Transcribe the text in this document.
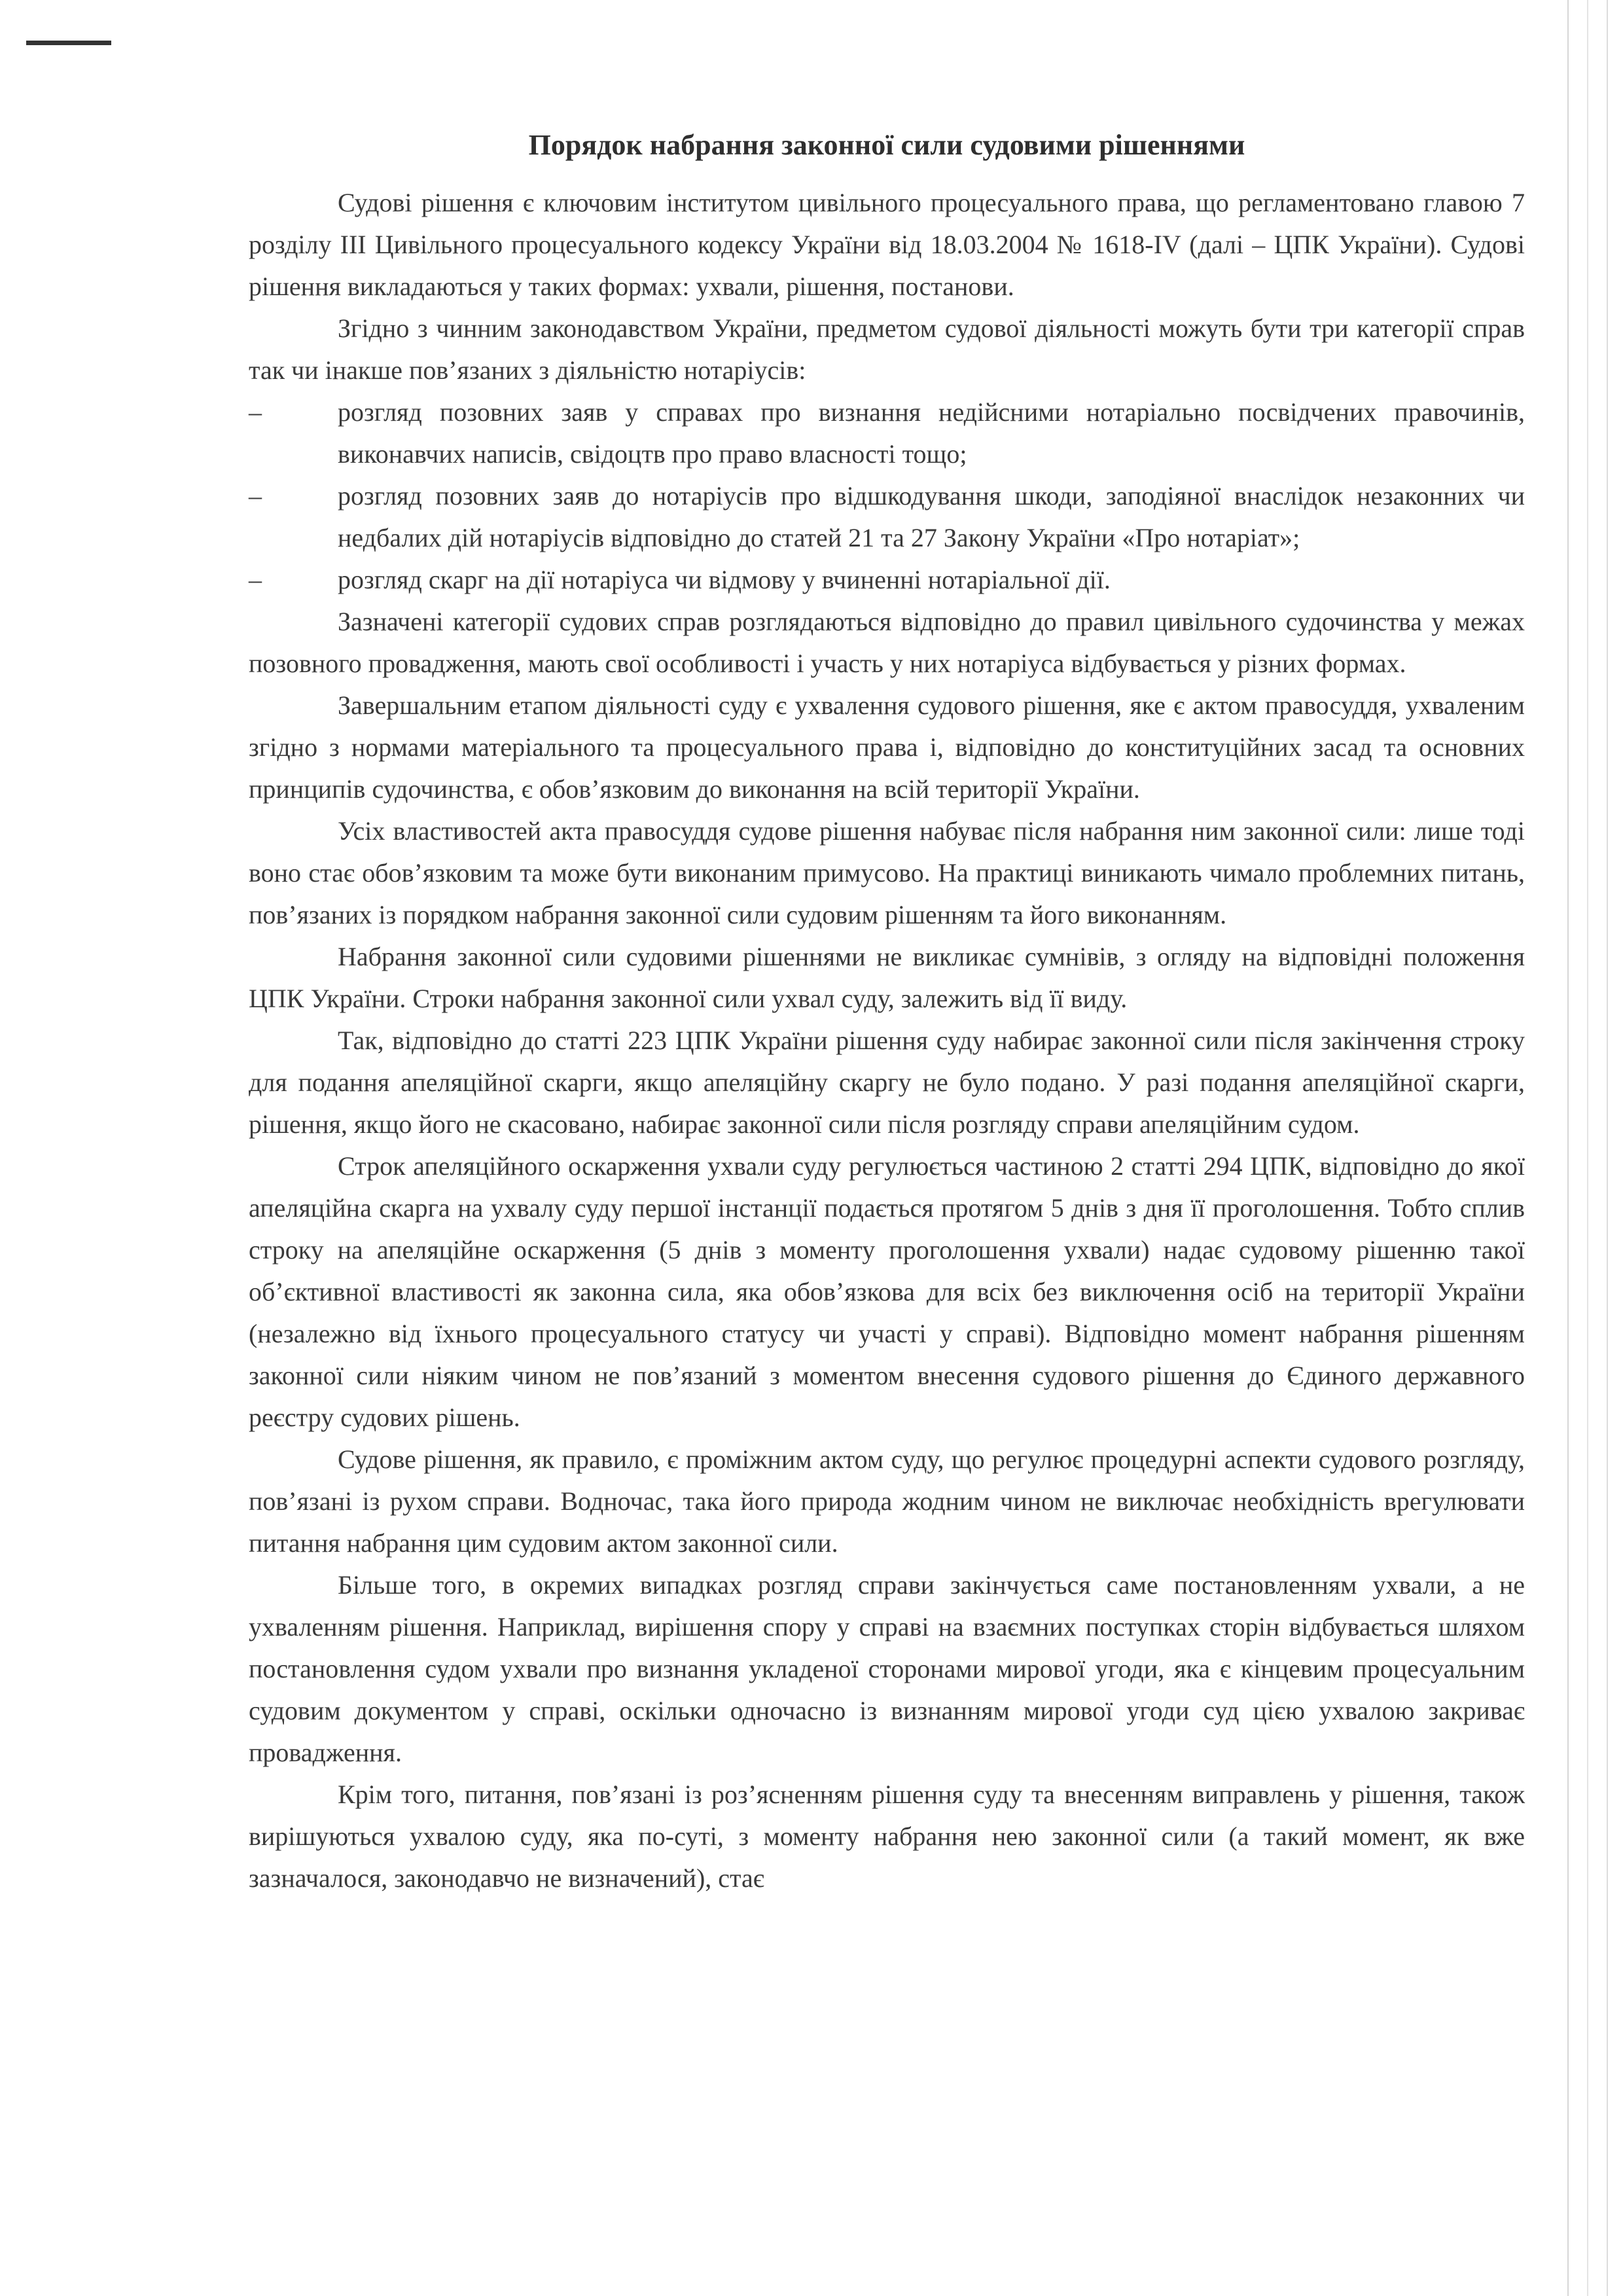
Порядок набрання законної сили судовими рішеннями

Судові рішення є ключовим інститутом цивільного процесуального права, що регламентовано главою 7 розділу ІІІ Цивільного процесуального кодексу України від 18.03.2004 № 1618-IV (далі – ЦПК України). Судові рішення викладаються у таких формах: ухвали, рішення, постанови.

Згідно з чинним законодавством України, предметом судової діяльності можуть бути три категорії справ так чи інакше пов’язаних з діяльністю нотаріусів:

–	розгляд позовних заяв у справах про визнання недійсними нотаріально посвідчених правочинів, виконавчих написів, свідоцтв про право власності тощо;
–	розгляд позовних заяв до нотаріусів про відшкодування шкоди, заподіяної внаслідок незаконних чи недбалих дій нотаріусів відповідно до статей 21 та 27 Закону України «Про нотаріат»;
–	розгляд скарг на дії нотаріуса чи відмову у вчиненні нотаріальної дії.

Зазначені категорії судових справ розглядаються відповідно до правил цивільного судочинства у межах позовного провадження, мають свої особливості і участь у них нотаріуса відбувається у різних формах.

Завершальним етапом діяльності суду є ухвалення судового рішення, яке є актом правосуддя, ухваленим згідно з нормами матеріального та процесуального права і, відповідно до конституційних засад та основних принципів судочинства, є обов’язковим до виконання на всій території України.

Усіх властивостей акта правосуддя судове рішення набуває після набрання ним законної сили: лише тоді воно стає обов’язковим та може бути виконаним примусово. На практиці виникають чимало проблемних питань, пов’язаних із порядком набрання законної сили судовим рішенням та його виконанням.

Набрання законної сили судовими рішеннями не викликає сумнівів, з огляду на відповідні положення ЦПК України. Строки набрання законної сили ухвал суду, залежить від її виду.

Так, відповідно до статті 223 ЦПК України рішення суду набирає законної сили після закінчення строку для подання апеляційної скарги, якщо апеляційну скаргу не було подано. У разі подання апеляційної скарги, рішення, якщо його не скасовано, набирає законної сили після розгляду справи апеляційним судом.

Строк апеляційного оскарження ухвали суду регулюється частиною 2 статті 294 ЦПК, відповідно до якої апеляційна скарга на ухвалу суду першої інстанції подається протягом 5 днів з дня її проголошення. Тобто сплив строку на апеляційне оскарження (5 днів з моменту проголошення ухвали) надає судовому рішенню такої об’єктивної властивості як законна сила, яка обов’язкова для всіх без виключення осіб на території України (незалежно від їхнього процесуального статусу чи участі у справі). Відповідно момент набрання рішенням законної сили ніяким чином не пов’язаний з моментом внесення судового рішення до Єдиного державного реєстру судових рішень.

Судове рішення, як правило, є проміжним актом суду, що регулює процедурні аспекти судового розгляду, пов’язані із рухом справи. Водночас, така його природа жодним чином не виключає необхідність врегулювати питання набрання цим судовим актом законної сили.

Більше того, в окремих випадках розгляд справи закінчується саме постановленням ухвали, а не ухваленням рішення. Наприклад, вирішення спору у справі на взаємних поступках сторін відбувається шляхом постановлення судом ухвали про визнання укладеної сторонами мирової угоди, яка є кінцевим процесуальним судовим документом у справі, оскільки одночасно із визнанням мирової угоди суд цією ухвалою закриває провадження.

Крім того, питання, пов’язані із роз’ясненням рішення суду та внесенням виправлень у рішення, також вирішуються ухвалою суду, яка по-суті, з моменту набрання нею законної сили (а такий момент, як вже зазначалося, законодавчо не визначений), стає
